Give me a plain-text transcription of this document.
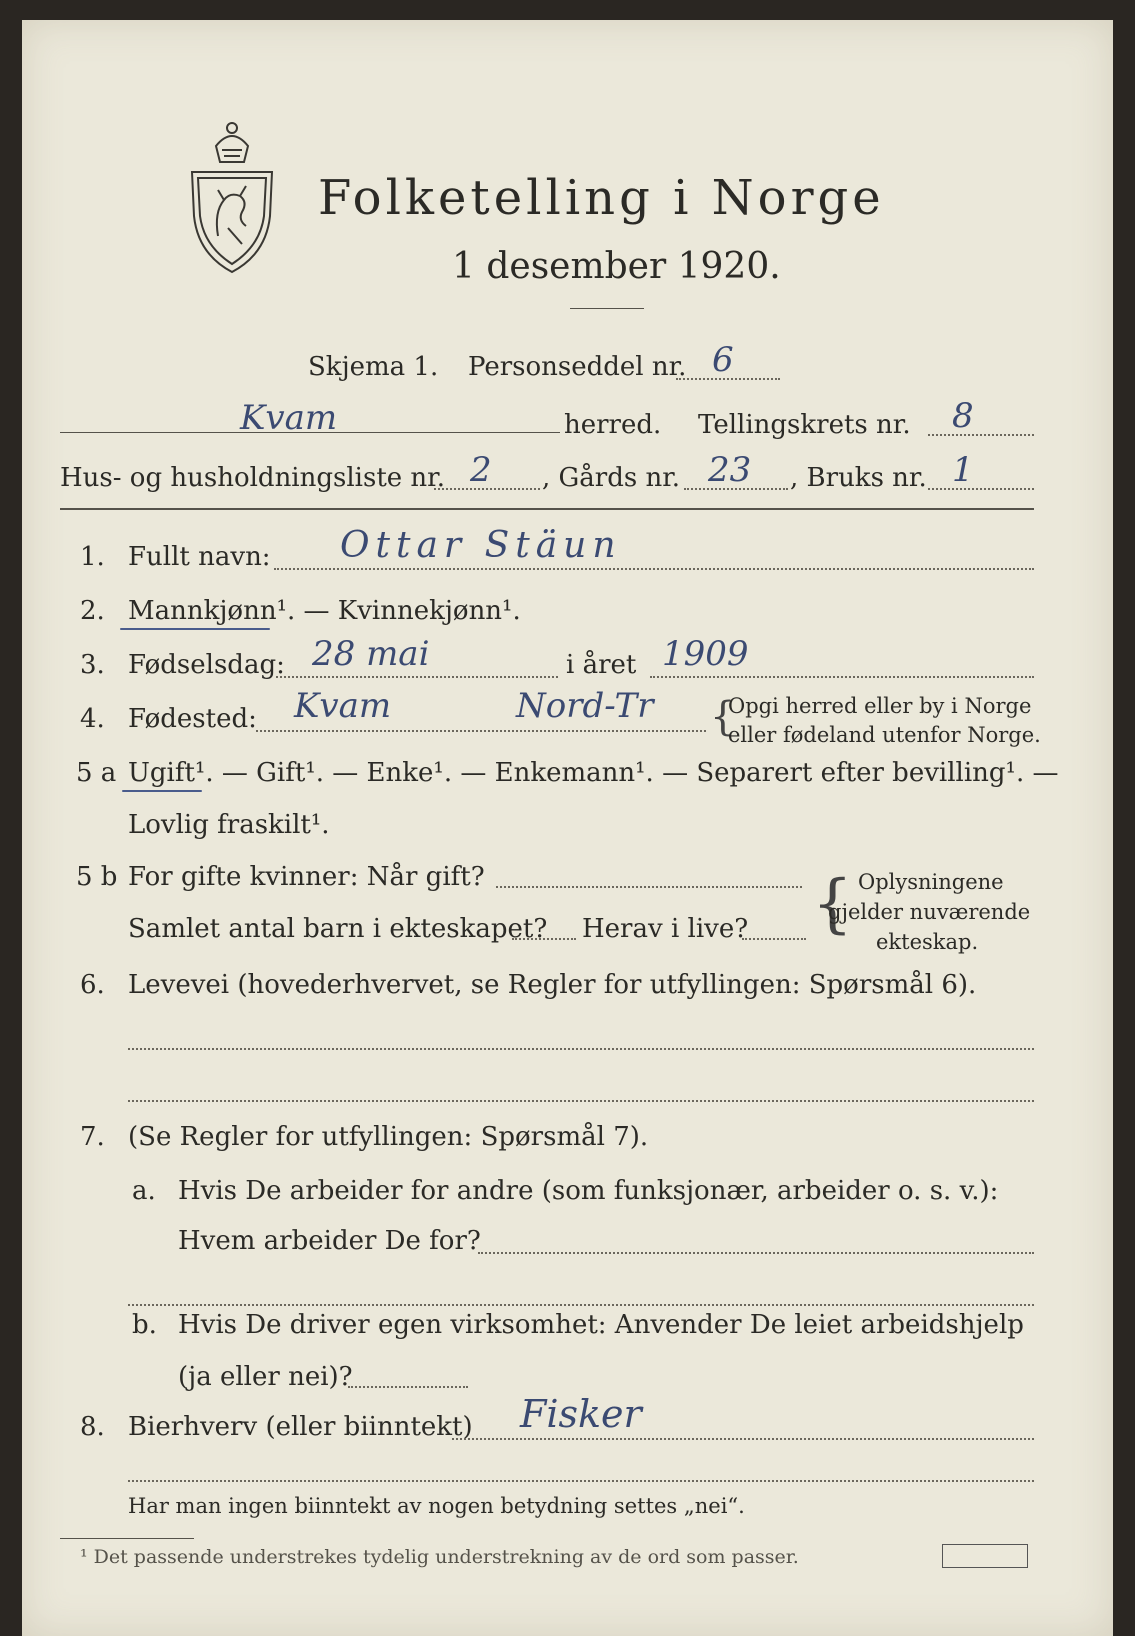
Folketelling i Norge
1 desember 1920.
Skjema 1. Personseddel nr. 6
Kvam	herred. Tellingskrets nr. 8
Hus- og husholdningsliste nr. 2 , Gårds nr. 23 , Bruks nr. 1
1. Fullt navn: Ottar Stäun
2. Mannkjønn¹. — Kvinnekjønn¹.
3. Fødselsdag: 28 mai	i året 1909
4. Fødested: Kvam	Nord-Tr {
Opgi herred eller by i Norge
eller fødeland utenfor Norge.
5 a Ugift¹. — Gift¹. — Enke¹. — Enkemann¹. — Separert efter bevilling¹. —
Lovlig fraskilt¹.
5 b For gifte kvinner: Når gift?
Samlet antal barn i ekteskapet? Herav i live? { Oplysningene
gjelder nuværende
ekteskap.
6. Levevei (hovederhvervet, se Regler for utfyllingen: Spørsmål 6).
7. (Se Regler for utfyllingen: Spørsmål 7).
a. Hvis De arbeider for andre (som funksjonær, arbeider o. s. v.):
Hvem arbeider De for?
b. Hvis De driver egen virksomhet: Anvender De leiet arbeidshjelp
(ja eller nei)?
8. Bierhverv (eller biinntekt) Fisker
Har man ingen biinntekt av nogen betydning settes „nei“.
¹ Det passende understrekes tydelig understrekning av de ord som passer.
